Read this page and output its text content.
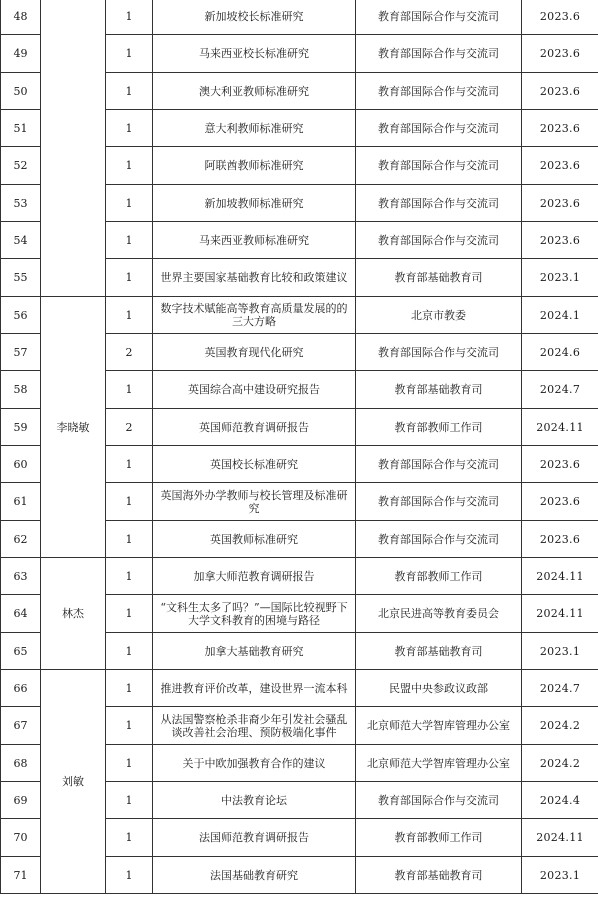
48		1	新加坡校长标准研究	教育部国际合作与交流司	2023.6
49		1	马来西亚校长标准研究	教育部国际合作与交流司	2023.6
50		1	澳大利亚教师标准研究	教育部国际合作与交流司	2023.6
51		1	意大利教师标准研究	教育部国际合作与交流司	2023.6
52		1	阿联酋教师标准研究	教育部国际合作与交流司	2023.6
53		1	新加坡教师标准研究	教育部国际合作与交流司	2023.6
54		1	马来西亚教师标准研究	教育部国际合作与交流司	2023.6
55		1	世界主要国家基础教育比较和政策建议	教育部基础教育司	2023.1
56	李晓敏	1	数字技术赋能高等教育高质量发展的的三大方略	北京市教委	2024.1
57		2	英国教育现代化研究	教育部国际合作与交流司	2024.6
58		1	英国综合高中建设研究报告	教育部基础教育司	2024.7
59		2	英国师范教育调研报告	教育部教师工作司	2024.11
60		1	英国校长标准研究	教育部国际合作与交流司	2023.6
61		1	英国海外办学教师与校长管理及标准研究	教育部国际合作与交流司	2023.6
62		1	英国教师标准研究	教育部国际合作与交流司	2023.6
63	林杰	1	加拿大师范教育调研报告	教育部教师工作司	2024.11
64		1	“文科生太多了吗？”—国际比较视野下大学文科教育的困境与路径	北京民进高等教育委员会	2024.11
65		1	加拿大基础教育研究	教育部基础教育司	2023.1
66	刘敏	1	推进教育评价改革，建设世界一流本科	民盟中央参政议政部	2024.7
67		1	从法国警察枪杀非裔少年引发社会骚乱谈改善社会治理、预防极端化事件	北京师范大学智库管理办公室	2024.2
68		1	关于中欧加强教育合作的建议	北京师范大学智库管理办公室	2024.2
69		1	中法教育论坛	教育部国际合作与交流司	2024.4
70		1	法国师范教育调研报告	教育部教师工作司	2024.11
71		1	法国基础教育研究	教育部基础教育司	2023.1
